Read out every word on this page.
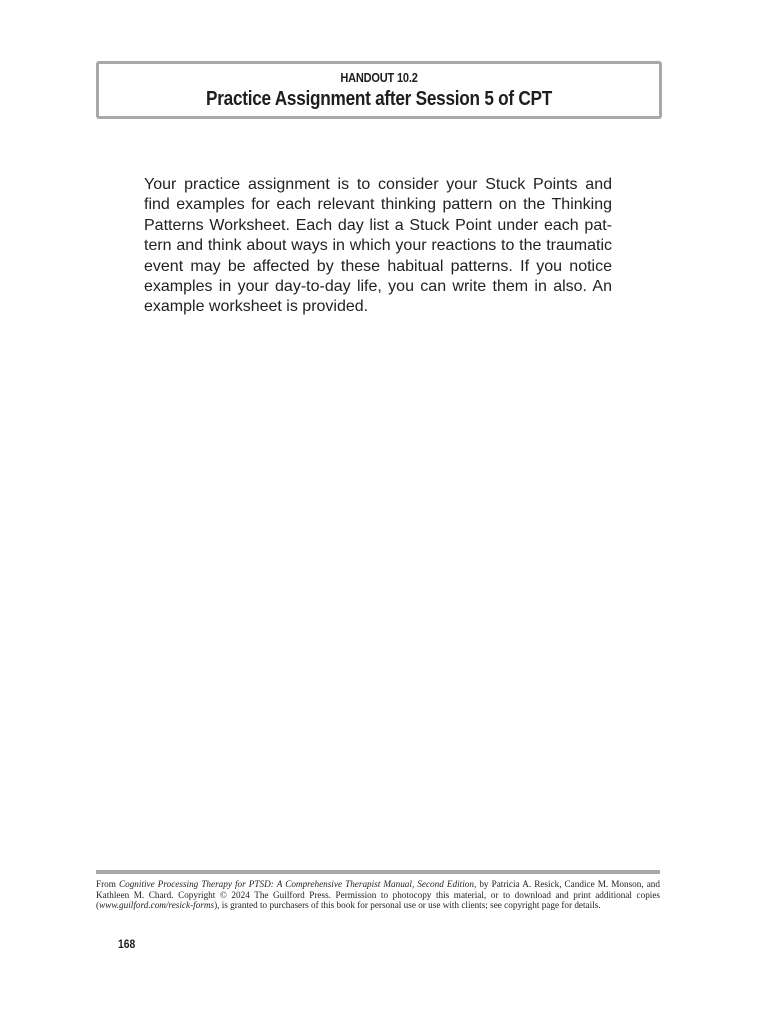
HANDOUT 10.2
Practice Assignment after Session 5 of CPT

Your practice assignment is to consider your Stuck Points and find examples for each relevant thinking pattern on the Thinking Patterns Worksheet. Each day list a Stuck Point under each pattern and think about ways in which your reactions to the traumatic event may be affected by these habitual patterns. If you notice examples in your day-to-day life, you can write them in also. An example worksheet is provided.

From Cognitive Processing Therapy for PTSD: A Comprehensive Therapist Manual, Second Edition, by Patricia A. Resick, Candice M. Monson, and Kathleen M. Chard. Copyright © 2024 The Guilford Press. Permission to photocopy this material, or to download and print additional copies (www.guilford.com/resick-forms), is granted to purchasers of this book for personal use or use with clients; see copyright page for details.
168
